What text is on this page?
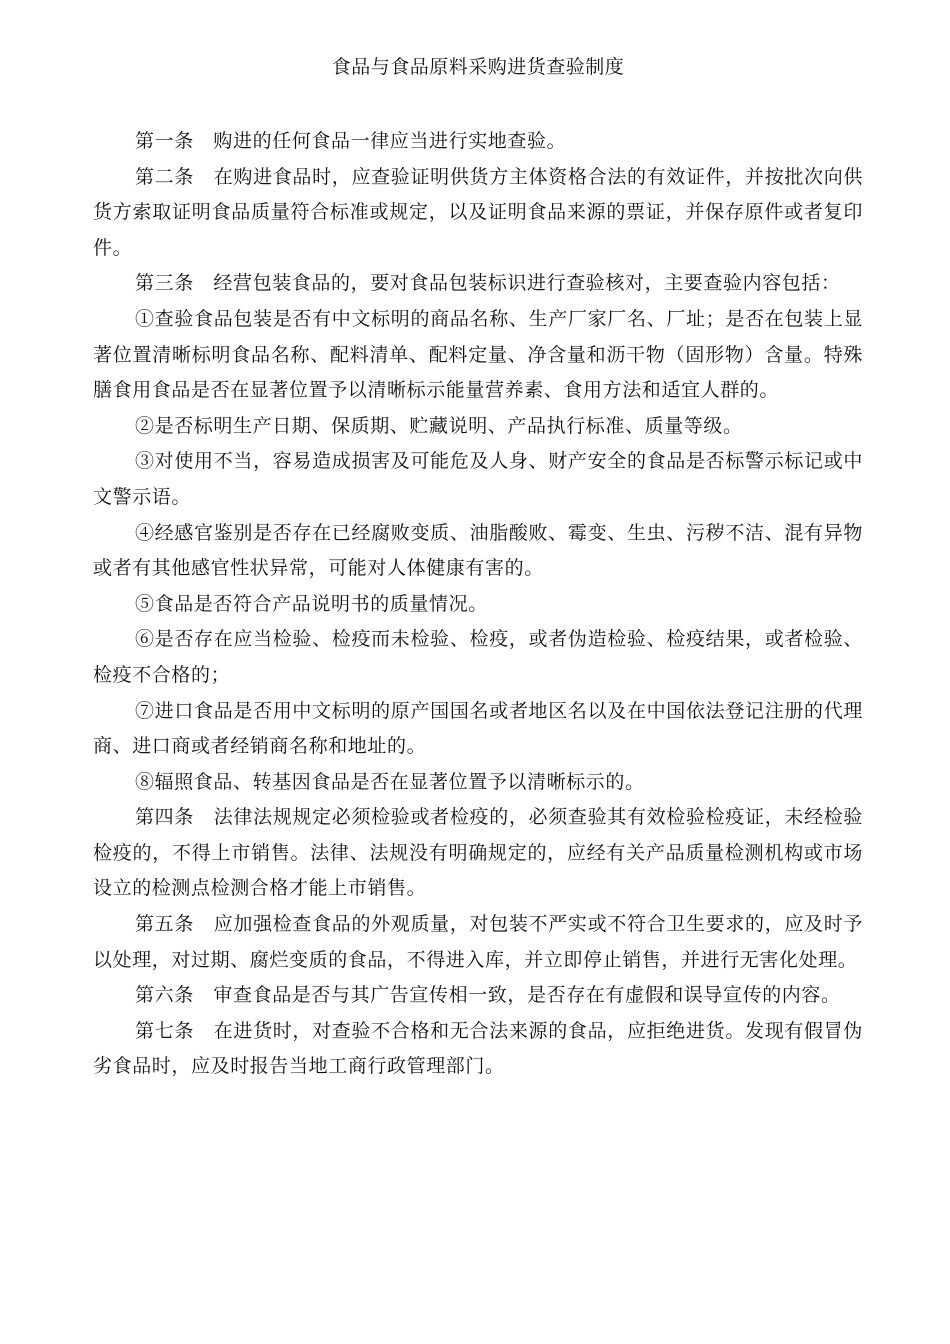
食品与食品原料采购进货查验制度

第一条　购进的任何食品一律应当进行实地查验。

第二条　在购进食品时，应查验证明供货方主体资格合法的有效证件，并按批次向供货方索取证明食品质量符合标准或规定，以及证明食品来源的票证，并保存原件或者复印件。

第三条　经营包装食品的，要对食品包装标识进行查验核对，主要查验内容包括：

①查验食品包装是否有中文标明的商品名称、生产厂家厂名、厂址；是否在包装上显著位置清晰标明食品名称、配料清单、配料定量、净含量和沥干物（固形物）含量。特殊膳食用食品是否在显著位置予以清晰标示能量营养素、食用方法和适宜人群的。

②是否标明生产日期、保质期、贮藏说明、产品执行标准、质量等级。

③对使用不当，容易造成损害及可能危及人身、财产安全的食品是否标警示标记或中文警示语。

④经感官鉴别是否存在已经腐败变质、油脂酸败、霉变、生虫、污秽不洁、混有异物或者有其他感官性状异常，可能对人体健康有害的。

⑤食品是否符合产品说明书的质量情况。

⑥是否存在应当检验、检疫而未检验、检疫，或者伪造检验、检疫结果，或者检验、检疫不合格的；

⑦进口食品是否用中文标明的原产国国名或者地区名以及在中国依法登记注册的代理商、进口商或者经销商名称和地址的。

⑧辐照食品、转基因食品是否在显著位置予以清晰标示的。

第四条　法律法规规定必须检验或者检疫的，必须查验其有效检验检疫证，未经检验检疫的，不得上市销售。法律、法规没有明确规定的，应经有关产品质量检测机构或市场设立的检测点检测合格才能上市销售。

第五条　应加强检查食品的外观质量，对包装不严实或不符合卫生要求的，应及时予以处理，对过期、腐烂变质的食品，不得进入库，并立即停止销售，并进行无害化处理。

第六条　审查食品是否与其广告宣传相一致，是否存在有虚假和误导宣传的内容。

第七条　在进货时，对查验不合格和无合法来源的食品，应拒绝进货。发现有假冒伪劣食品时，应及时报告当地工商行政管理部门。
